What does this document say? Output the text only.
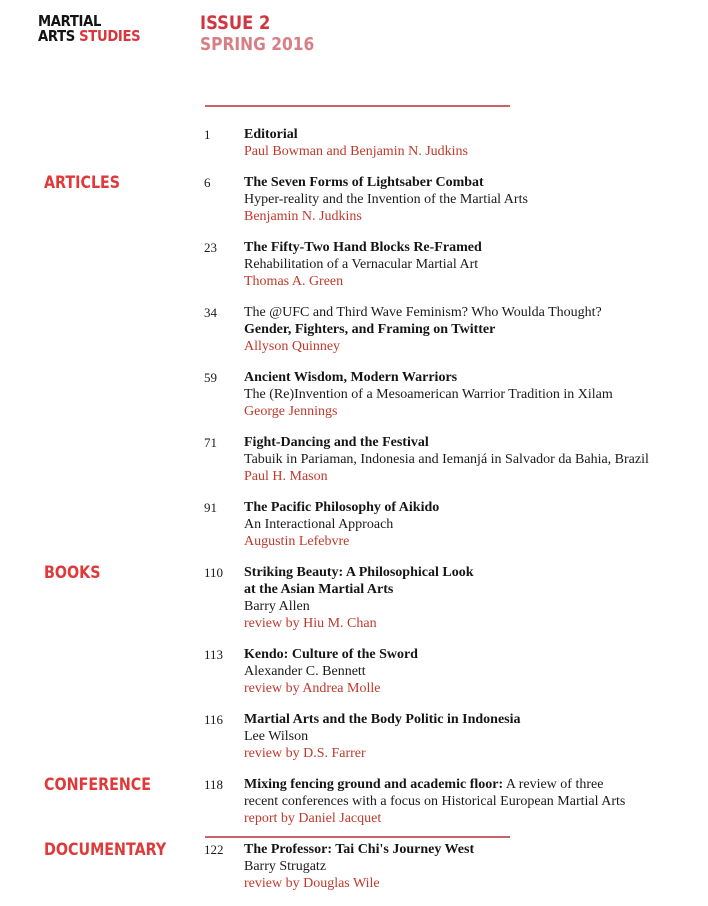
MARTIAL
ARTS STUDIES
ISSUE 2
SPRING 2016
1	Editorial
Paul Bowman and Benjamin N. Judkins
ARTICLES	6	The Seven Forms of Lightsaber Combat
Hyper-reality and the Invention of the Martial Arts
Benjamin N. Judkins
23	The Fifty-Two Hand Blocks Re-Framed
Rehabilitation of a Vernacular Martial Art
Thomas A. Green
34	The @UFC and Third Wave Feminism? Who Woulda Thought?
Gender, Fighters, and Framing on Twitter
Allyson Quinney
59	Ancient Wisdom, Modern Warriors
The (Re)Invention of a Mesoamerican Warrior Tradition in Xilam
George Jennings
71	Fight-Dancing and the Festival
Tabuik in Pariaman, Indonesia and Iemanjá in Salvador da Bahia, Brazil
Paul H. Mason
91	The Pacific Philosophy of Aikido
An Interactional Approach
Augustin Lefebvre
BOOKS	110	Striking Beauty: A Philosophical Look
at the Asian Martial Arts
Barry Allen
review by Hiu M. Chan
113	Kendo: Culture of the Sword
Alexander C. Bennett
review by Andrea Molle
116	Martial Arts and the Body Politic in Indonesia
Lee Wilson
review by D.S. Farrer
CONFERENCE	118	Mixing fencing ground and academic floor: A review of three
recent conferences with a focus on Historical European Martial Arts
report by Daniel Jacquet
DOCUMENTARY	122	The Professor: Tai Chi's Journey West
Barry Strugatz
review by Douglas Wile
